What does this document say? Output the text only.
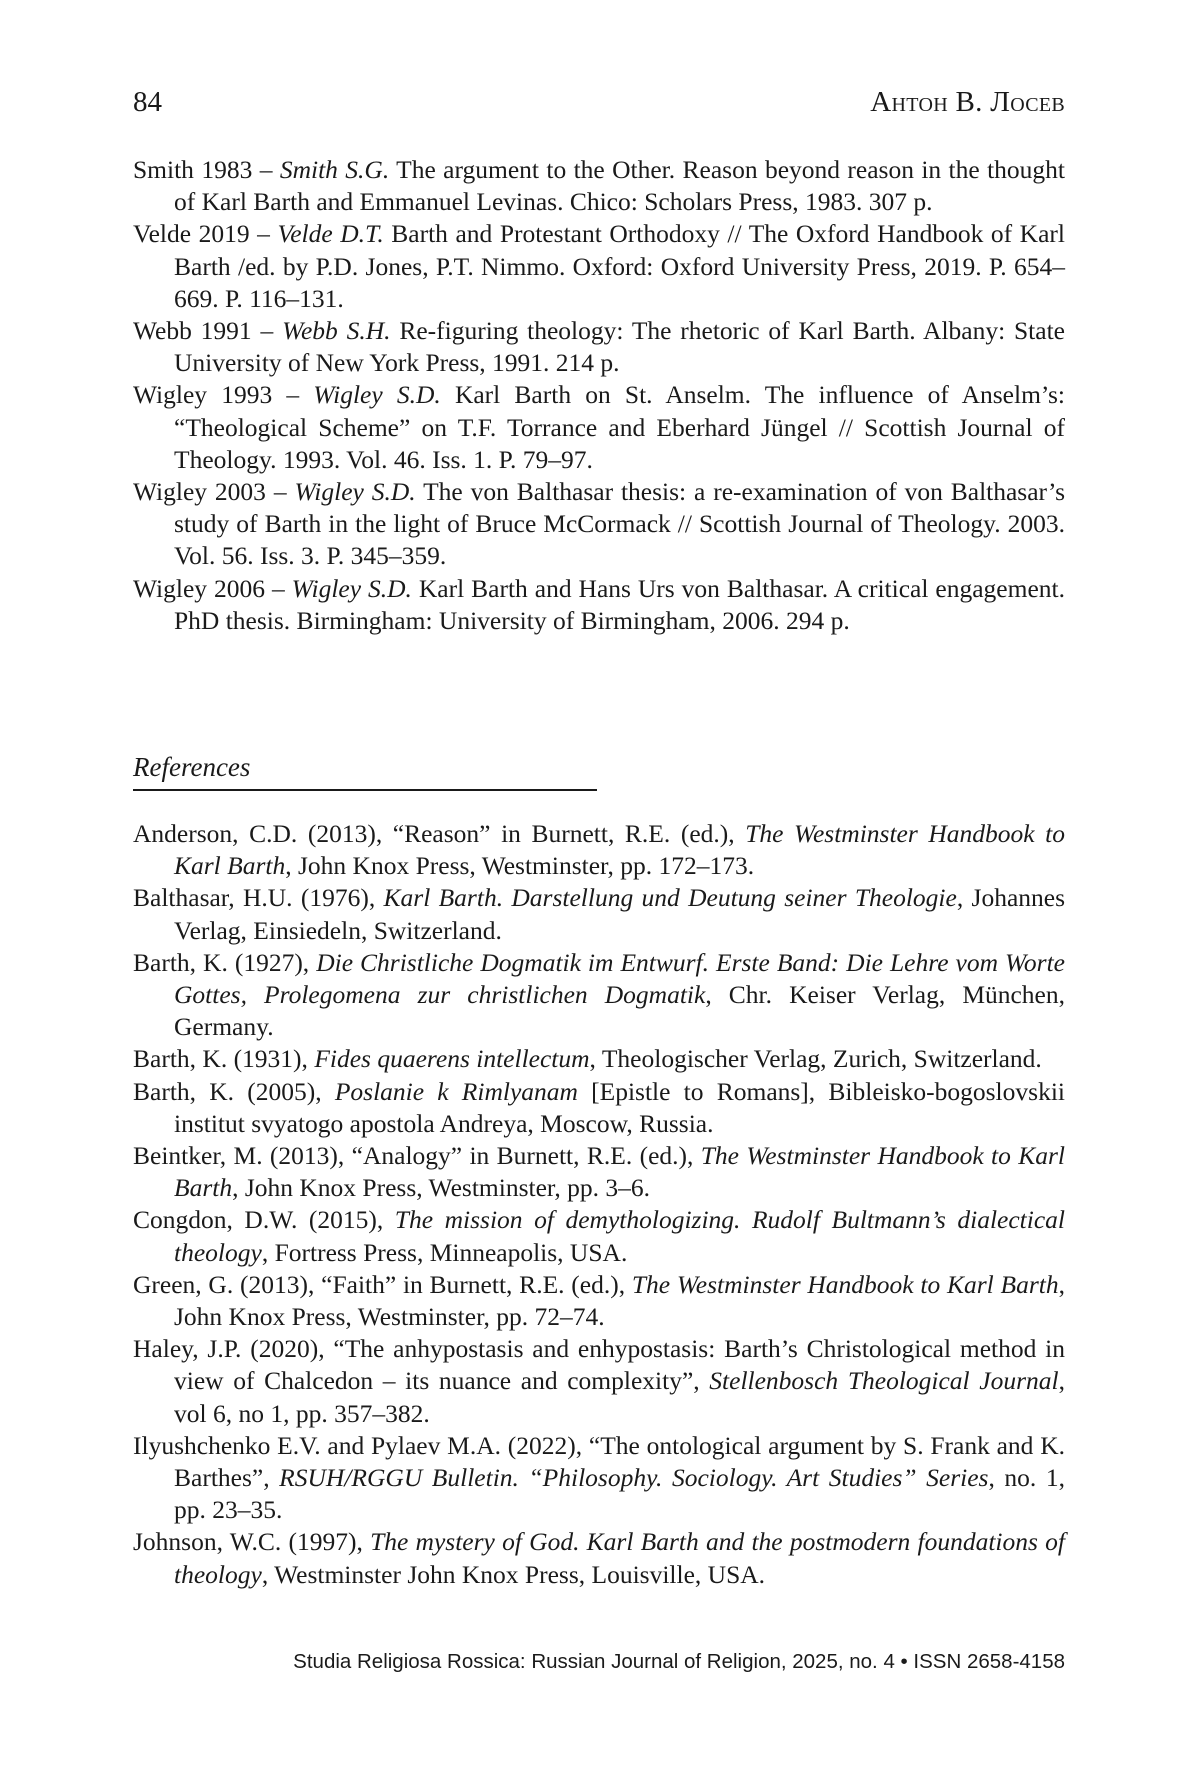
84	Антон В. Лосев

Smith 1983 – Smith S.G. The argument to the Other. Reason beyond reason in the thought of Karl Barth and Emmanuel Levinas. Chico: Scholars Press, 1983. 307 p.

Velde 2019 – Velde D.T. Barth and Protestant Orthodoxy // The Oxford Handbook of Karl Barth /ed. by P.D. Jones, P.T. Nimmo. Oxford: Oxford University Press, 2019. P. 654–669. P. 116–131.

Webb 1991 – Webb S.H. Re-figuring theology: The rhetoric of Karl Barth. Albany: State University of New York Press, 1991. 214 p.

Wigley 1993 – Wigley S.D. Karl Barth on St. Anselm. The influence of Anselm’s: “Theological Scheme” on T.F. Torrance and Eberhard Jüngel // Scottish Journal of Theology. 1993. Vol. 46. Iss. 1. P. 79–97.

Wigley 2003 – Wigley S.D. The von Balthasar thesis: a re-examination of von Balthasar’s study of Barth in the light of Bruce McCormack // Scottish Journal of Theology. 2003. Vol. 56. Iss. 3. P. 345–359.

Wigley 2006 – Wigley S.D. Karl Barth and Hans Urs von Balthasar. A critical engagement. PhD thesis. Birmingham: University of Birmingham, 2006. 294 p.

References

Anderson, C.D. (2013), “Reason” in Burnett, R.E. (ed.), The Westminster Handbook to Karl Barth, John Knox Press, Westminster, pp. 172–173.

Balthasar, H.U. (1976), Karl Barth. Darstellung und Deutung seiner Theologie, Johannes Verlag, Einsiedeln, Switzerland.

Barth, K. (1927), Die Christliche Dogmatik im Entwurf. Erste Band: Die Lehre vom Worte Gottes, Prolegomena zur christlichen Dogmatik, Chr. Keiser Verlag, München, Germany.

Barth, K. (1931), Fides quaerens intellectum, Theologischer Verlag, Zurich, Switzerland.

Barth, K. (2005), Poslanie k Rimlyanam [Epistle to Romans], Bibleisko-bogoslovskii institut svyatogo apostola Andreya, Moscow, Russia.

Beintker, M. (2013), “Analogy” in Burnett, R.E. (ed.), The Westminster Handbook to Karl Barth, John Knox Press, Westminster, pp. 3–6.

Congdon, D.W. (2015), The mission of demythologizing. Rudolf Bultmann’s dialectical theology, Fortress Press, Minneapolis, USA.

Green, G. (2013), “Faith” in Burnett, R.E. (ed.), The Westminster Handbook to Karl Barth, John Knox Press, Westminster, pp. 72–74.

Haley, J.P. (2020), “The anhypostasis and enhypostasis: Barth’s Christological method in view of Chalcedon – its nuance and complexity”, Stellenbosch Theological Journal, vol 6, no 1, pp. 357–382.

Ilyushchenko E.V. and Pylaev M.A. (2022), “The ontological argument by S. Frank and K. Barthes”, RSUH/RGGU Bulletin. “Philosophy. Sociology. Art Studies” Series, no. 1, pp. 23–35.

Johnson, W.C. (1997), The mystery of God. Karl Barth and the postmodern foundations of theology, Westminster John Knox Press, Louisville, USA.

Studia Religiosa Rossica: Russian Journal of Religion, 2025, no. 4 • ISSN 2658-4158
